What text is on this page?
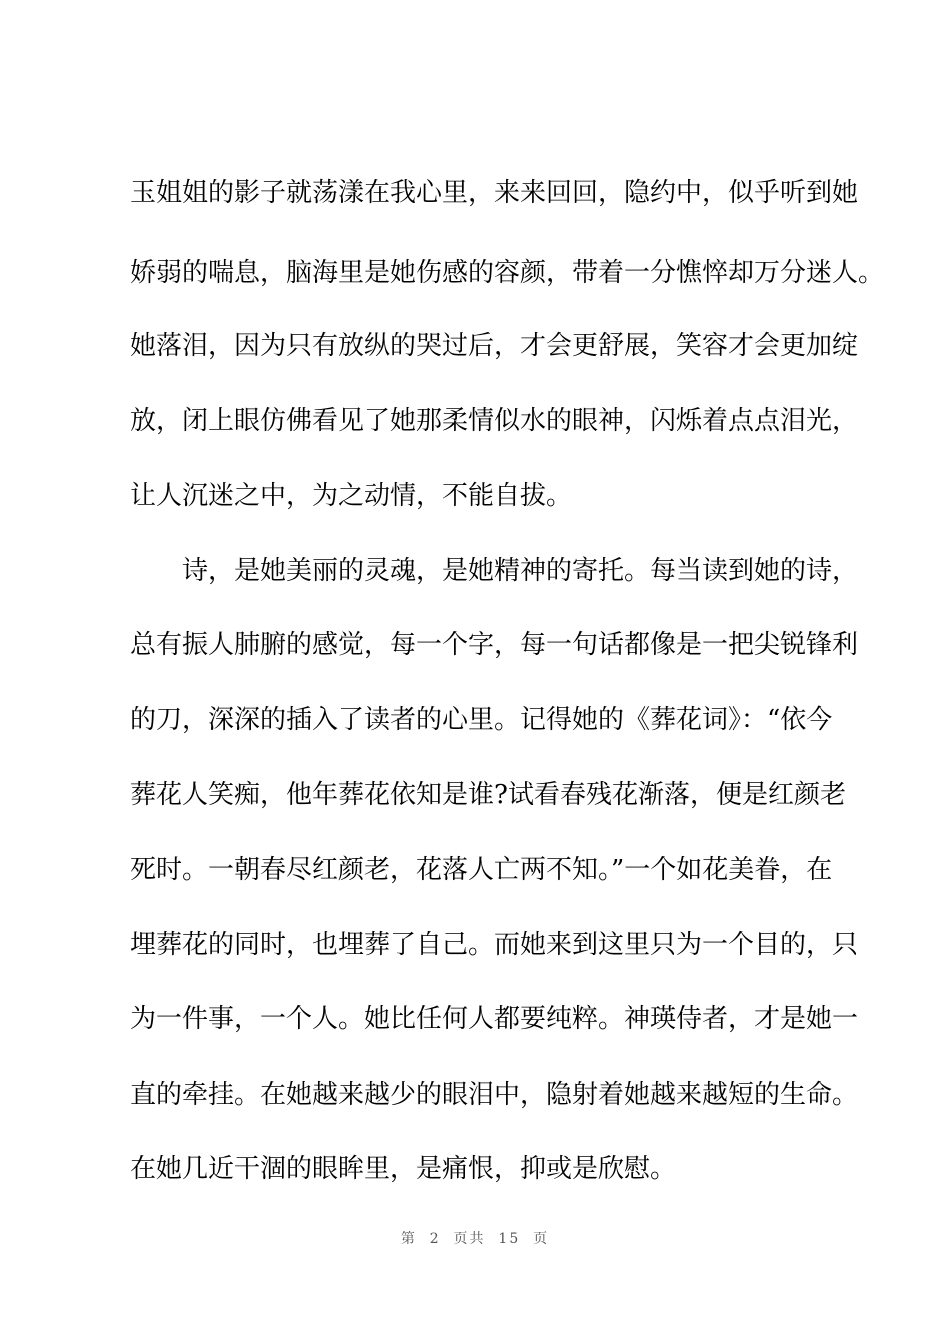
玉姐姐的影子就荡漾在我心里，来来回回，隐约中，似乎听到她
娇弱的喘息，脑海里是她伤感的容颜，带着一分憔悴却万分迷人。
她落泪，因为只有放纵的哭过后，才会更舒展，笑容才会更加绽
放，闭上眼仿佛看见了她那柔情似水的眼神，闪烁着点点泪光，
让人沉迷之中，为之动情，不能自拔。
诗，是她美丽的灵魂，是她精神的寄托。每当读到她的诗，
总有振人肺腑的感觉，每一个字，每一句话都像是一把尖锐锋利
的刀，深深的插入了读者的心里。记得她的《葬花词》：“依今
葬花人笑痴，他年葬花依知是谁?试看春残花渐落，便是红颜老
死时。一朝春尽红颜老，花落人亡两不知。”一个如花美眷，在
埋葬花的同时，也埋葬了自己。而她来到这里只为一个目的，只
为一件事，一个人。她比任何人都要纯粹。神瑛侍者，才是她一
直的牵挂。在她越来越少的眼泪中，隐射着她越来越短的生命。
在她几近干涸的眼眸里，是痛恨，抑或是欣慰。
第  2  页共  15  页
